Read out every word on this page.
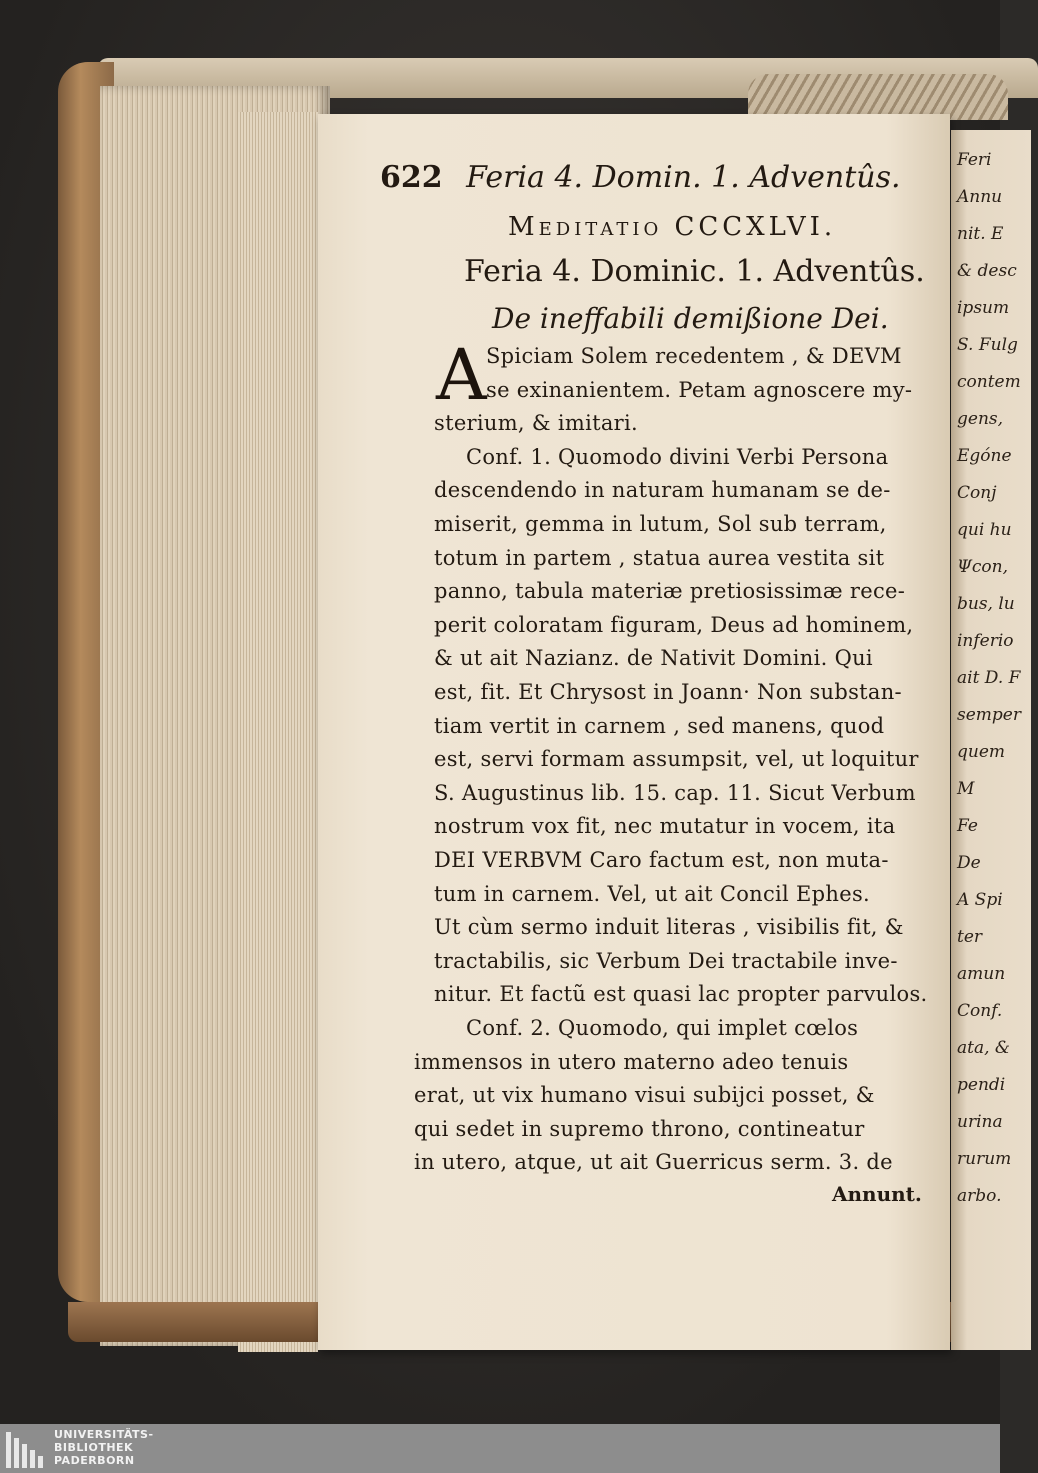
Feri
Annu
nit. E
& desc
ipsum
S. Fulg
contem
gens,
Egóne
Conj
qui hu
Ψcon,
bus, lu
inferio
ait D. F
semper
quem
M
Fe
De
A Spi
ter
amun
Conf.
ata, &
pendi
urina
rurum
arbo.
622 Feria 4. Domin. 1. Adventûs.
Meditatio CCCXLVI.
Feria 4. Dominic. 1. Adventûs.
De ineffabili demißione Dei.
A Spiciam Solem recedentem , & DEVM
se exinanientem. Petam agnoscere my-
sterium, & imitari.
Conf. 1. Quomodo divini Verbi Persona
descendendo in naturam humanam se de-
miserit, gemma in lutum, Sol sub terram,
totum in partem , statua aurea vestita sit
panno, tabula materiæ pretiosissimæ rece-
perit coloratam figuram, Deus ad hominem,
& ut ait Nazianz. de Nativit Domini. Qui
est, fit. Et Chrysost in Joann· Non substan-
tiam vertit in carnem , sed manens, quod
est, servi formam assumpsit, vel, ut loquitur
S. Augustinus lib. 15. cap. 11. Sicut Verbum
nostrum vox fit, nec mutatur in vocem, ita
DEI VERBVM Caro factum est, non muta-
tum in carnem. Vel, ut ait Concil Ephes.
Ut cùm sermo induit literas , visibilis fit, &
tractabilis, sic Verbum Dei tractabile inve-
nitur. Et factũ est quasi lac propter parvulos.
Conf. 2. Quomodo, qui implet cœlos
immensos in utero materno adeo tenuis
erat, ut vix humano visui subijci posset, &
qui sedet in supremo throno, contineatur
in utero, atque, ut ait Guerricus serm. 3. de
Annunt.
UNIVERSITÄTS-
BIBLIOTHEK
PADERBORN
